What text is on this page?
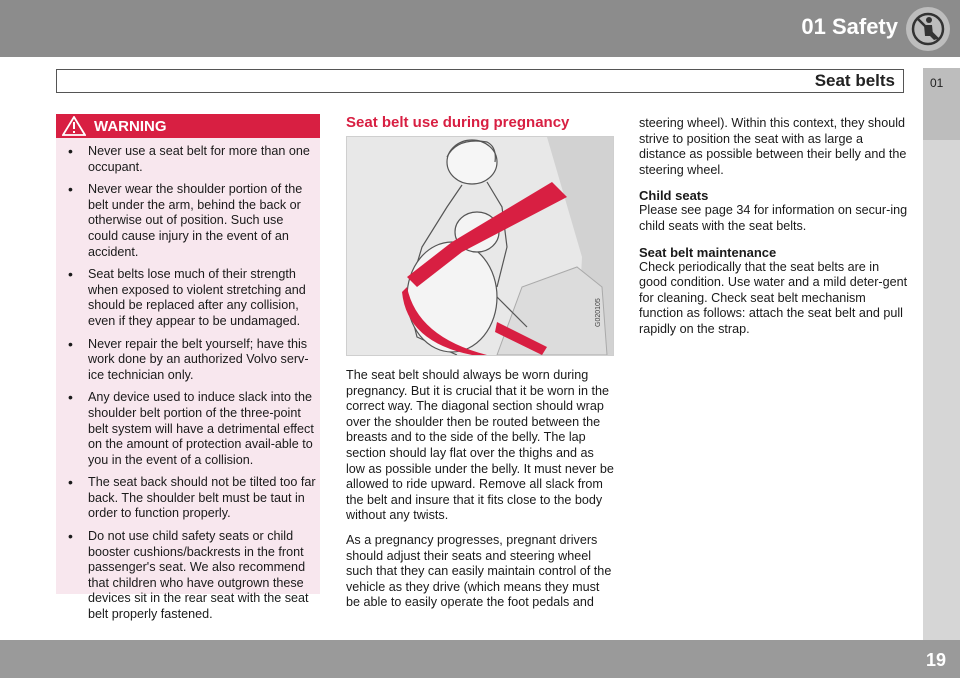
01 Safety
Seat belts	01
WARNING
• Never use a seat belt for more than one occupant.
• Never wear the shoulder portion of the belt under the arm, behind the back or otherwise out of position. Such use could cause injury in the event of an accident.
• Seat belts lose much of their strength when exposed to violent stretching and should be replaced after any collision, even if they appear to be undamaged.
• Never repair the belt yourself; have this work done by an authorized Volvo serv-ice technician only.
• Any device used to induce slack into the shoulder belt portion of the three-point belt system will have a detrimental effect on the amount of protection avail-able to you in the event of a collision.
• The seat back should not be tilted too far back. The shoulder belt must be taut in order to function properly.
• Do not use child safety seats or child booster cushions/backrests in the front passenger's seat. We also recommend that children who have outgrown these devices sit in the rear seat with the seat belt properly fastened.
Seat belt use during pregnancy
G020105

The seat belt should always be worn during pregnancy. But it is crucial that it be worn in the correct way. The diagonal section should wrap over the shoulder then be routed between the breasts and to the side of the belly. The lap section should lay flat over the thighs and as low as possible under the belly. It must never be allowed to ride upward. Remove all slack from the belt and insure that it fits close to the body without any twists.

As a pregnancy progresses, pregnant drivers should adjust their seats and steering wheel such that they can easily maintain control of the vehicle as they drive (which means they must be able to easily operate the foot pedals and

steering wheel). Within this context, they should strive to position the seat with as large a distance as possible between their belly and the steering wheel.

Child seats

Please see page 34 for information on secur-ing child seats with the seat belts.

Seat belt maintenance

Check periodically that the seat belts are in good condition. Use water and a mild deter-gent for cleaning. Check seat belt mechanism function as follows: attach the seat belt and pull rapidly on the strap.

19
